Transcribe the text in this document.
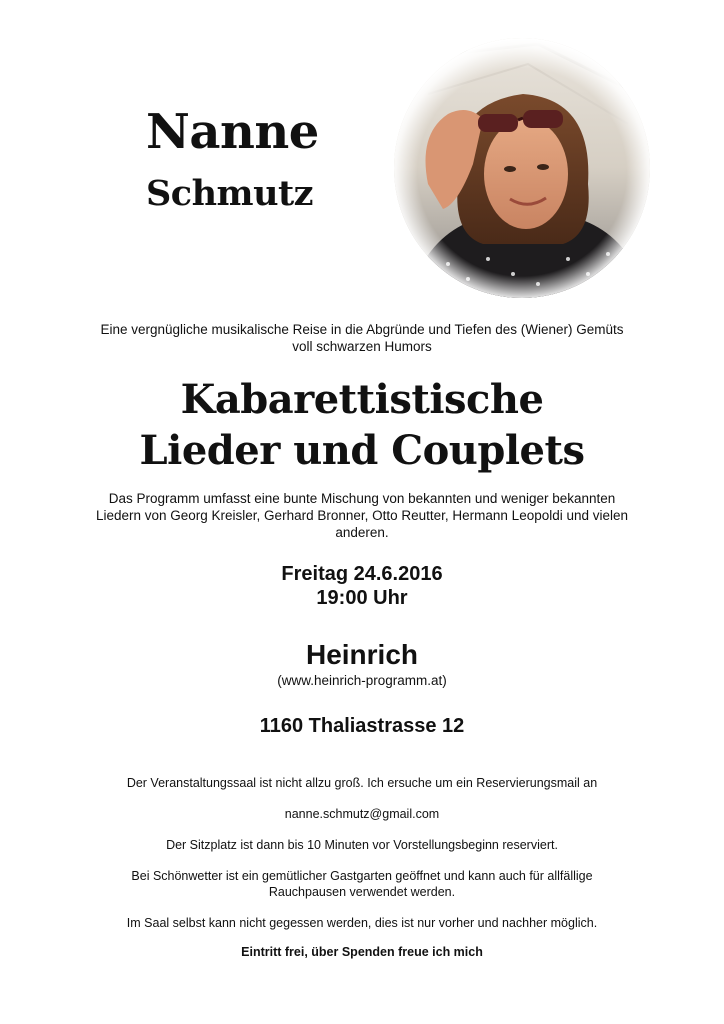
Nanne
Schmutz
Eine vergnügliche musikalische Reise in die Abgründe und Tiefen des (Wiener) Gemüts
voll schwarzen Humors
Kabarettistische
Lieder und Couplets
Das Programm umfasst eine bunte Mischung von bekannten und weniger bekannten
Liedern von Georg Kreisler, Gerhard Bronner, Otto Reutter, Hermann Leopoldi und vielen
anderen.
Freitag 24.6.2016
19:00 Uhr
Heinrich
(www.heinrich-programm.at)
1160 Thaliastrasse 12
Der Veranstaltungssaal ist nicht allzu groß. Ich ersuche um ein Reservierungsmail an
nanne.schmutz@gmail.com
Der Sitzplatz ist dann bis 10 Minuten vor Vorstellungsbeginn reserviert.
Bei Schönwetter ist ein gemütlicher Gastgarten geöffnet und kann auch für allfällige
Rauchpausen verwendet werden.
Im Saal selbst kann nicht gegessen werden, dies ist nur vorher und nachher möglich.
Eintritt frei, über Spenden freue ich mich
